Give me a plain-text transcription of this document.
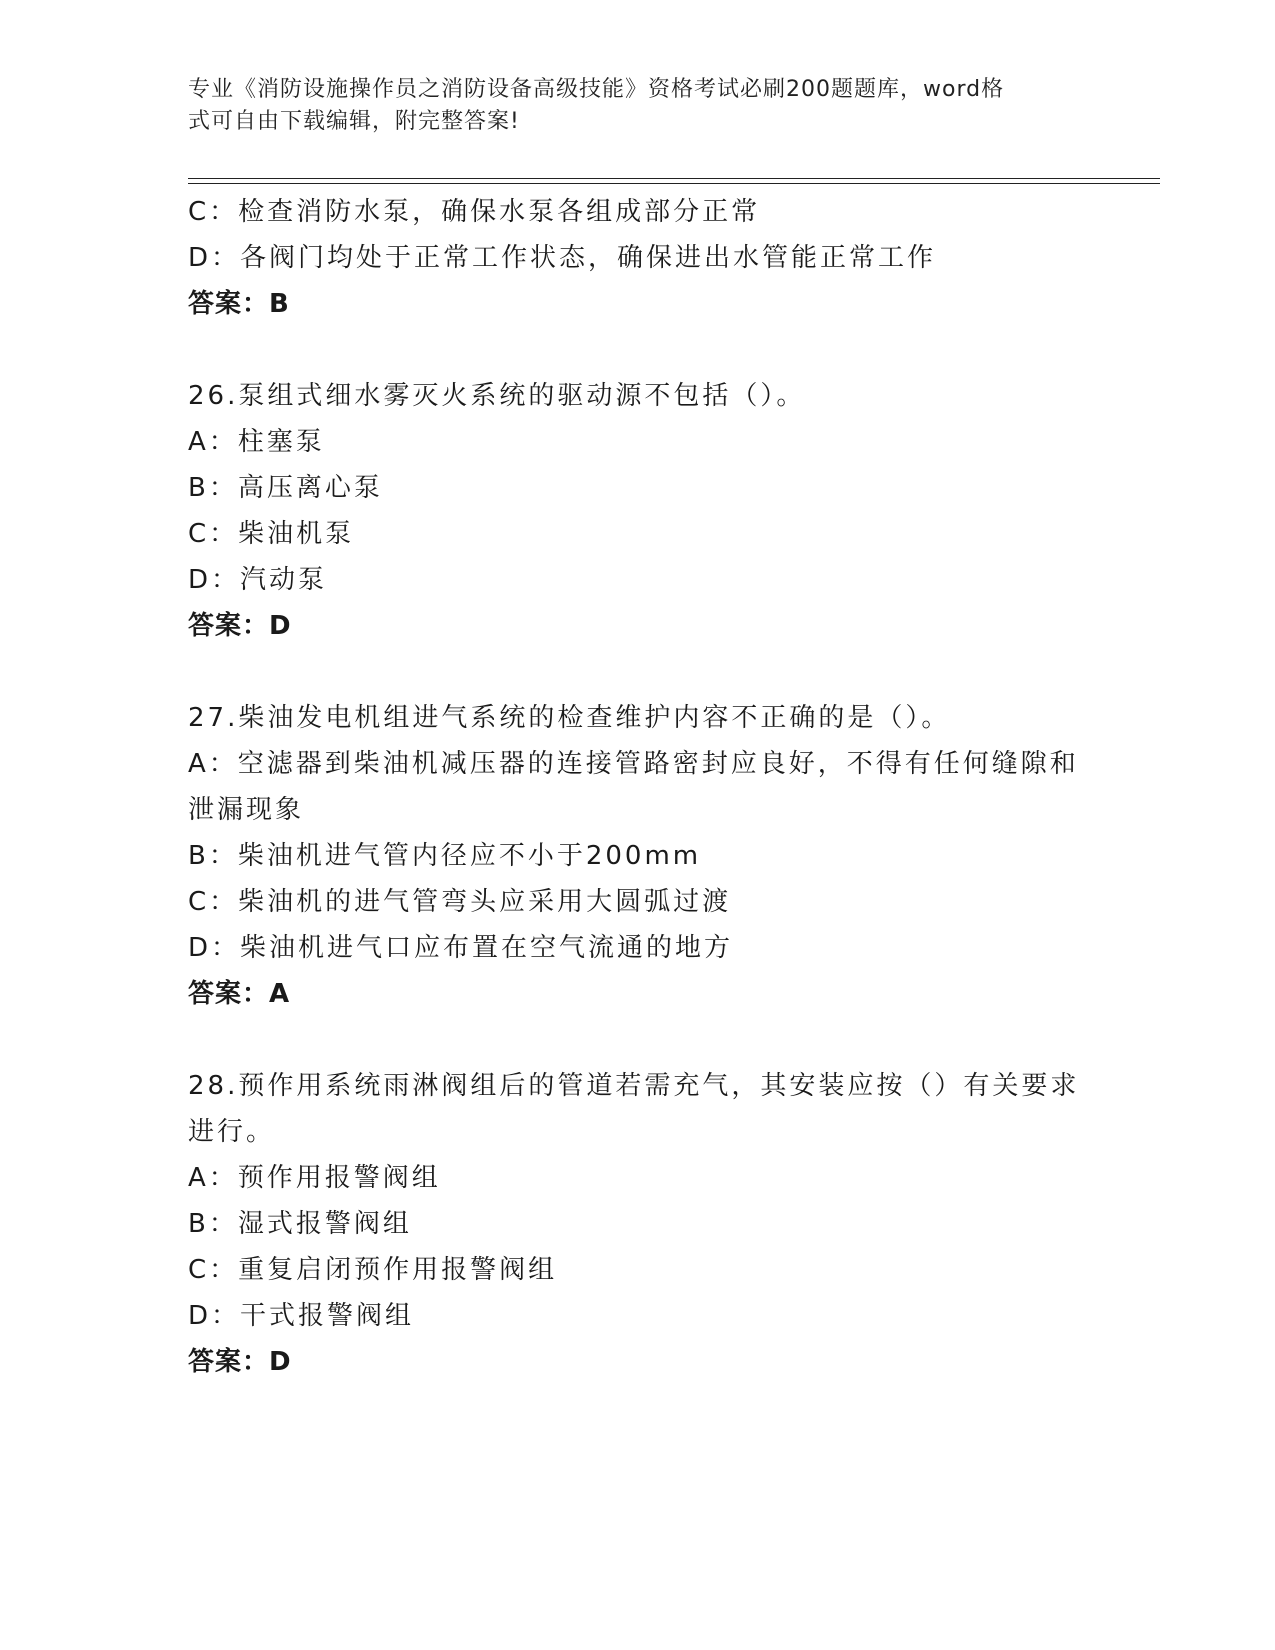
专业《消防设施操作员之消防设备高级技能》资格考试必刷200题题库，word格
式可自由下载编辑，附完整答案!
C：检查消防水泵，确保水泵各组成部分正常
D：各阀门均处于正常工作状态，确保进出水管能正常工作
答案：B
26.泵组式细水雾灭火系统的驱动源不包括（）。
A：柱塞泵
B：高压离心泵
C：柴油机泵
D：汽动泵
答案：D
27.柴油发电机组进气系统的检查维护内容不正确的是（）。
A：空滤器到柴油机减压器的连接管路密封应良好，不得有任何缝隙和
泄漏现象
B：柴油机进气管内径应不小于200mm
C：柴油机的进气管弯头应采用大圆弧过渡
D：柴油机进气口应布置在空气流通的地方
答案：A
28.预作用系统雨淋阀组后的管道若需充气，其安装应按（）有关要求
进行。
A：预作用报警阀组
B：湿式报警阀组
C：重复启闭预作用报警阀组
D：干式报警阀组
答案：D
